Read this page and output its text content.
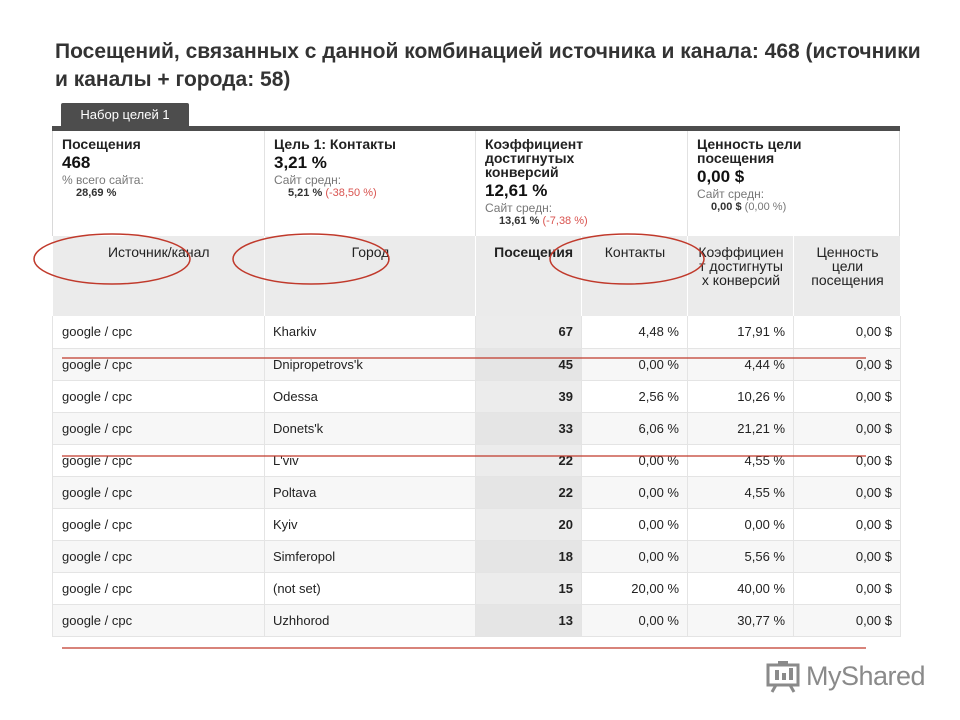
Посещений, связанных с данной комбинацией источника и канала: 468 (источники и каналы + города: 58)
Набор целей 1
Посещения
468
% всего сайта:
28,69 %
Цель 1: Контакты
3,21 %
Сайт средн:
5,21 % (-38,50 %)
Коэффициент достигнутых конверсий
12,61 %
Сайт средн:
13,61 % (-7,38 %)
Ценность цели посещения
0,00 $
Сайт средн:
0,00 $ (0,00 %)
Источник/канал	Город	Посещения	Контакты	Коэффициент достигнутых конверсий	Ценность цели посещения
google / cpc	Kharkiv	67	4,48 %	17,91 %	0,00 $
google / cpc	Dnipropetrovs'k	45	0,00 %	4,44 %	0,00 $
google / cpc	Odessa	39	2,56 %	10,26 %	0,00 $
google / cpc	Donets'k	33	6,06 %	21,21 %	0,00 $
google / cpc	L'viv	22	0,00 %	4,55 %	0,00 $
google / cpc	Poltava	22	0,00 %	4,55 %	0,00 $
google / cpc	Kyiv	20	0,00 %	0,00 %	0,00 $
google / cpc	Simferopol	18	0,00 %	5,56 %	0,00 $
google / cpc	(not set)	15	20,00 %	40,00 %	0,00 $
google / cpc	Uzhhorod	13	0,00 %	30,77 %	0,00 $
MyShared
